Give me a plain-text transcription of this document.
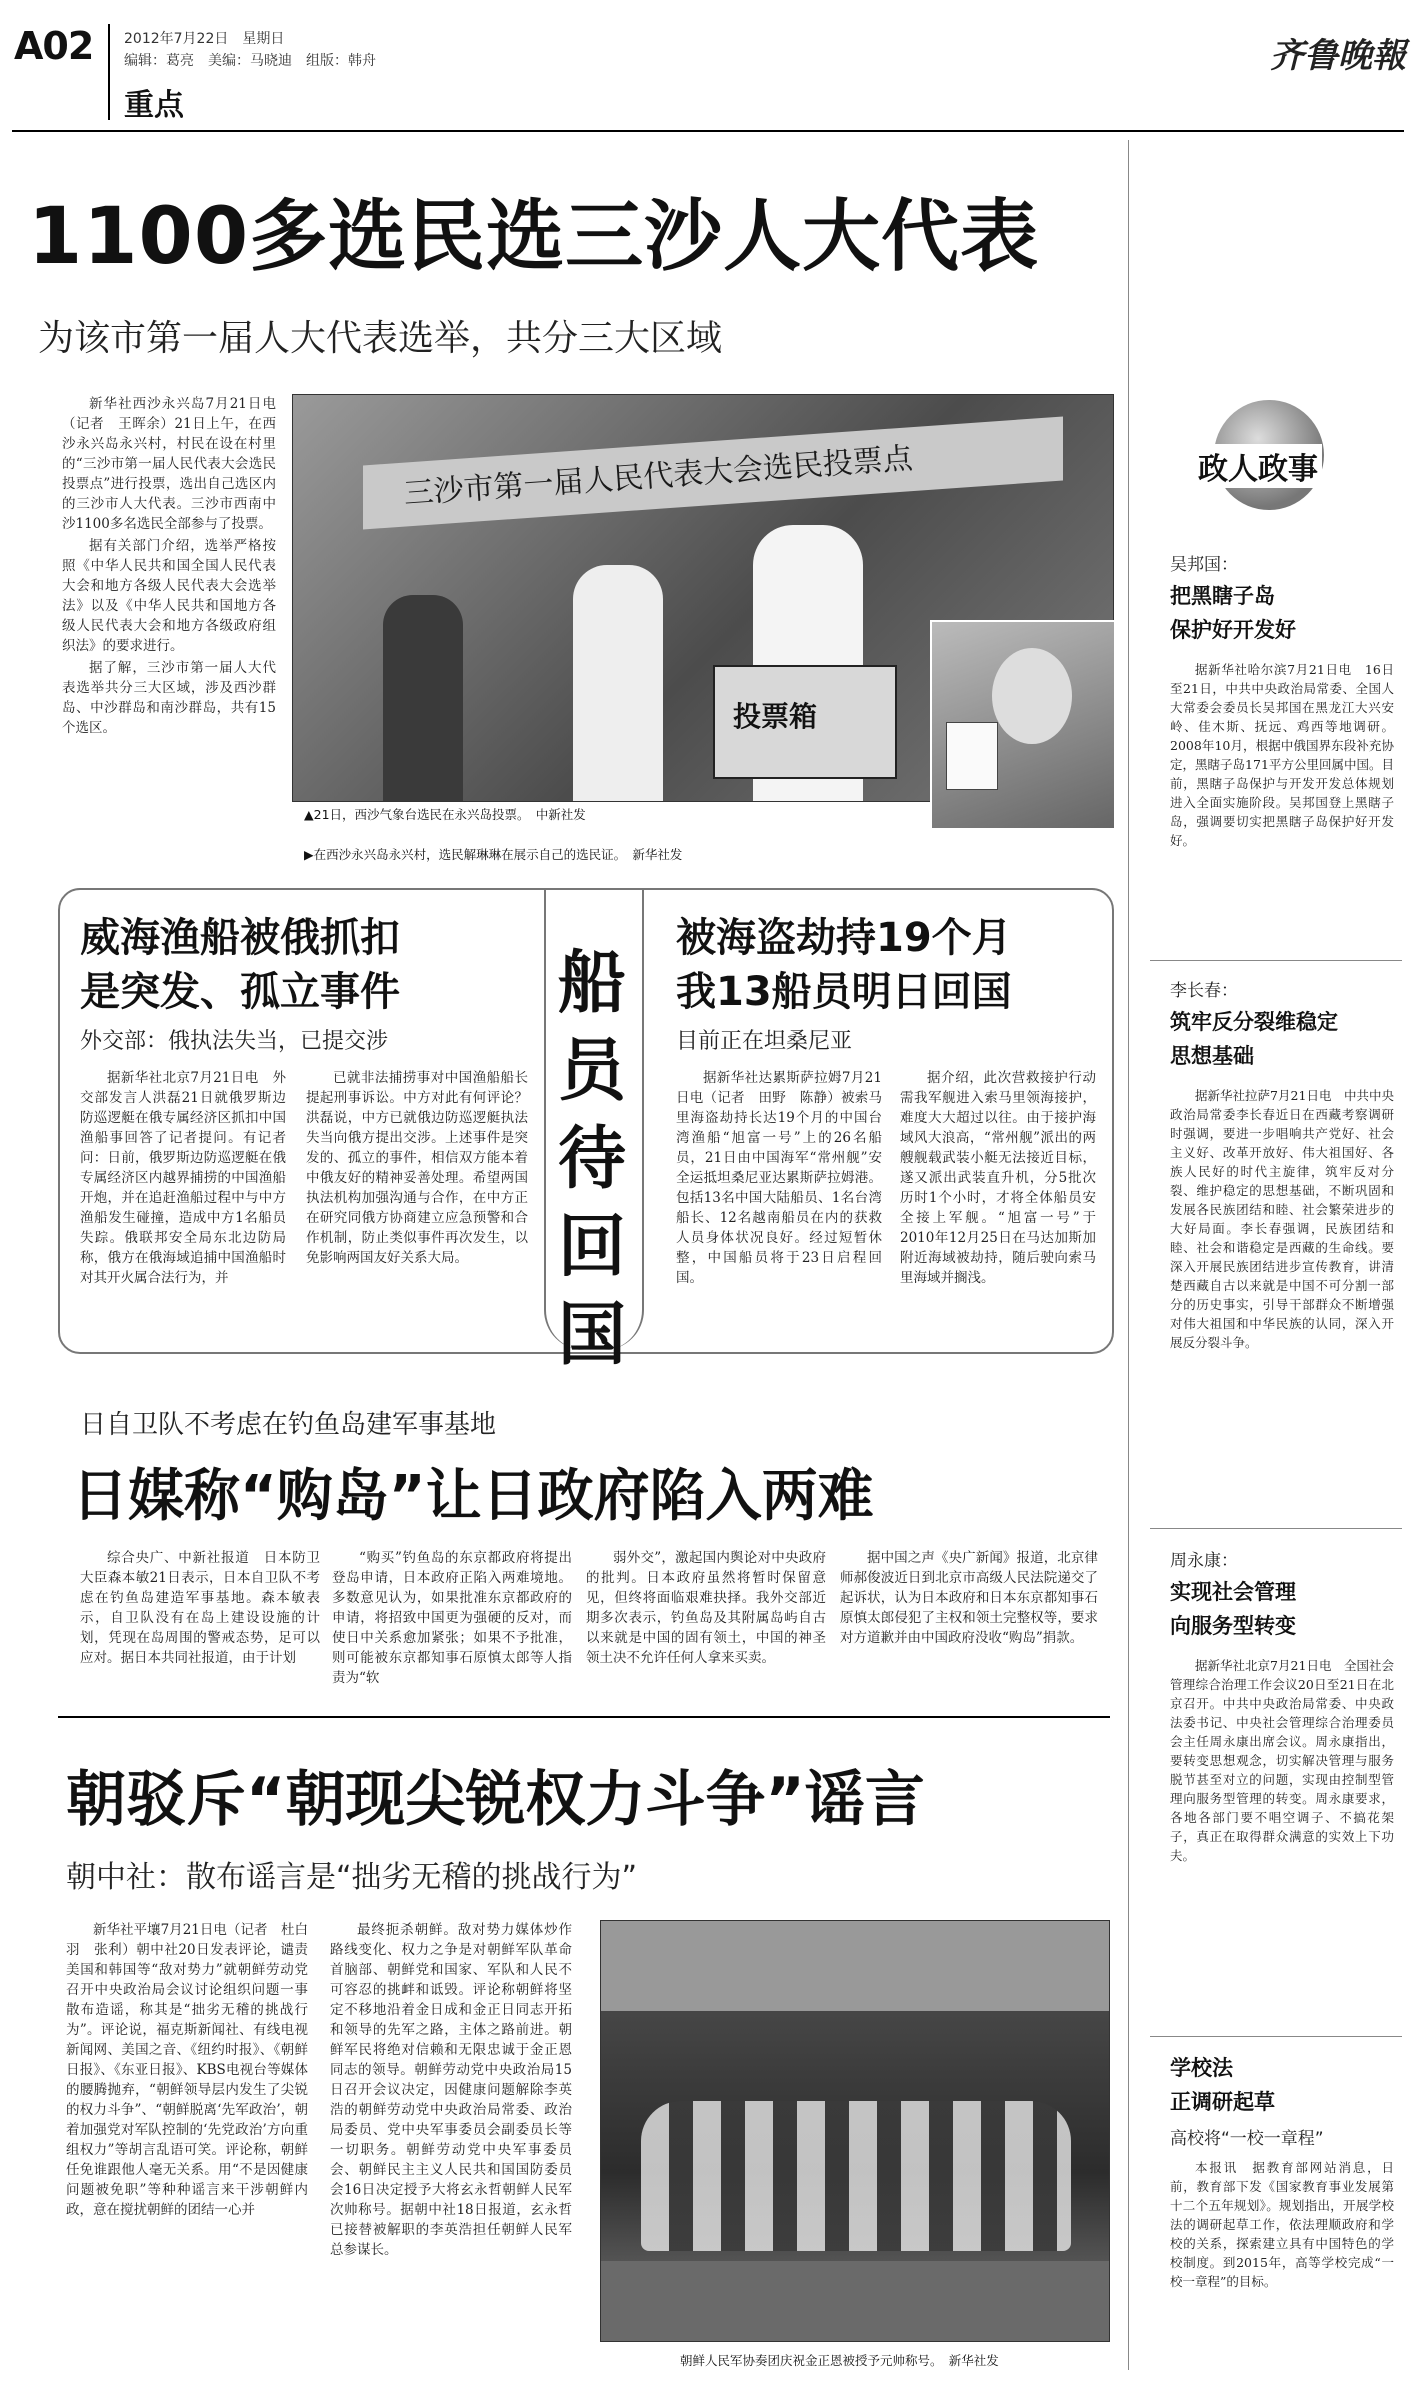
A02 2012年7月22日　星期日
编辑：葛亮　美编：马晓迪　组版：韩舟
重点
齐鲁晚報
1100多选民选三沙人大代表
为该市第一届人大代表选举，共分三大区域

新华社西沙永兴岛7月21日电（记者　王晖余）21日上午，在西沙永兴岛永兴村，村民在设在村里的“三沙市第一届人民代表大会选民投票点”进行投票，选出自己选区内的三沙市人大代表。三沙市西南中沙1100多名选民全部参与了投票。

据有关部门介绍，选举严格按照《中华人民共和国全国人民代表大会和地方各级人民代表大会选举法》以及《中华人民共和国地方各级人民代表大会和地方各级政府组织法》的要求进行。

据了解，三沙市第一届人大代表选举共分三大区域，涉及西沙群岛、中沙群岛和南沙群岛，共有15个选区。

三沙市第一届人民代表大会选民投票点
投票箱
▲21日，西沙气象台选民在永兴岛投票。　中新社发
▶在西沙永兴岛永兴村，选民解琳琳在展示自己的选民证。　新华社发
船员待回国
威海渔船被俄抓扣
是突发、孤立事件
外交部：俄执法失当，已提交涉
据新华社北京7月21日电　外交部发言人洪磊21日就俄罗斯边防巡逻艇在俄专属经济区抓扣中国渔船事回答了记者提问。有记者问：日前，俄罗斯边防巡逻艇在俄专属经济区内越界捕捞的中国渔船开炮，并在追赶渔船过程中与中方渔船发生碰撞，造成中方1名船员失踪。俄联邦安全局东北边防局称，俄方在俄海域追捕中国渔船时对其开火属合法行为，并
已就非法捕捞事对中国渔船船长提起刑事诉讼。中方对此有何评论？洪磊说，中方已就俄边防巡逻艇执法失当向俄方提出交涉。上述事件是突发的、孤立的事件，相信双方能本着中俄友好的精神妥善处理。希望两国执法机构加强沟通与合作，在中方正在研究同俄方协商建立应急预警和合作机制，防止类似事件再次发生，以免影响两国友好关系大局。
被海盗劫持19个月
我13船员明日回国
目前正在坦桑尼亚
据新华社达累斯萨拉姆7月21日电（记者　田野　陈静）被索马里海盗劫持长达19个月的中国台湾渔船“旭富一号”上的26名船员，21日由中国海军“常州舰”安全运抵坦桑尼亚达累斯萨拉姆港。包括13名中国大陆船员、1名台湾船长、12名越南船员在内的获救人员身体状况良好。经过短暂休整，中国船员将于23日启程回国。
据介绍，此次营救接护行动需我军舰进入索马里领海接护，难度大大超过以往。由于接护海域风大浪高，“常州舰”派出的两艘舰载武装小艇无法接近目标，遂又派出武装直升机，分5批次历时1个小时，才将全体船员安全接上军舰。“旭富一号”于2010年12月25日在马达加斯加附近海域被劫持，随后驶向索马里海域并搁浅。
日自卫队不考虑在钓鱼岛建军事基地
日媒称“购岛”让日政府陷入两难
综合央广、中新社报道　日本防卫大臣森本敏21日表示，日本自卫队不考虑在钓鱼岛建造军事基地。森本敏表示，自卫队没有在岛上建设设施的计划，凭现在岛周围的警戒态势，足可以应对。据日本共同社报道，由于计划
“购买”钓鱼岛的东京都政府将提出登岛申请，日本政府正陷入两难境地。多数意见认为，如果批准东京都政府的申请，将招致中国更为强硬的反对，而使日中关系愈加紧张；如果不予批准，则可能被东京都知事石原慎太郎等人指责为“软
弱外交”，激起国内舆论对中央政府的批判。日本政府虽然将暂时保留意见，但终将面临艰难抉择。我外交部近期多次表示，钓鱼岛及其附属岛屿自古以来就是中国的固有领土，中国的神圣领土决不允许任何人拿来买卖。
据中国之声《央广新闻》报道，北京律师郝俊波近日到北京市高级人民法院递交了起诉状，认为日本政府和日本东京都知事石原慎太郎侵犯了主权和领土完整权等，要求对方道歉并由中国政府没收“购岛”捐款。
朝驳斥“朝现尖锐权力斗争”谣言
朝中社：散布谣言是“拙劣无稽的挑战行为”
新华社平壤7月21日电（记者　杜白羽　张利）朝中社20日发表评论，谴责美国和韩国等“敌对势力”就朝鲜劳动党召开中央政治局会议讨论组织问题一事散布造谣，称其是“拙劣无稽的挑战行为”。评论说，福克斯新闻社、有线电视新闻网、美国之音、《纽约时报》、《朝鲜日报》、《东亚日报》、KBS电视台等媒体的腰腾抛弃，“朝鲜领导层内发生了尖锐的权力斗争”、“朝鲜脱离‘先军政治’，朝着加强党对军队控制的‘先党政治’方向重组权力”等胡言乱语可笑。评论称，朝鲜任免谁跟他人毫无关系。用“不是因健康问题被免职”等种种谣言来干涉朝鲜内政，意在搅扰朝鲜的团结一心并
最终扼杀朝鲜。敌对势力媒体炒作路线变化、权力之争是对朝鲜军队革命首脑部、朝鲜党和国家、军队和人民不可容忍的挑衅和诋毁。评论称朝鲜将坚定不移地沿着金日成和金正日同志开拓和领导的先军之路，主体之路前进。朝鲜军民将绝对信赖和无限忠诚于金正恩同志的领导。朝鲜劳动党中央政治局15日召开会议决定，因健康问题解除李英浩的朝鲜劳动党中央政治局常委、政治局委员、党中央军事委员会副委员长等一切职务。朝鲜劳动党中央军事委员会、朝鲜民主主义人民共和国国防委员会16日决定授予大将玄永哲朝鲜人民军次帅称号。据朝中社18日报道，玄永哲已接替被解职的李英浩担任朝鲜人民军总参谋长。
朝鲜人民军协奏团庆祝金正恩被授予元帅称号。　新华社发
政人政事
吴邦国：
把黑瞎子岛
保护好开发好
据新华社哈尔滨7月21日电　16日至21日，中共中央政治局常委、全国人大常委会委员长吴邦国在黑龙江大兴安岭、佳木斯、抚远、鸡西等地调研。2008年10月，根据中俄国界东段补充协定，黑瞎子岛171平方公里回属中国。目前，黑瞎子岛保护与开发开发总体规划进入全面实施阶段。吴邦国登上黑瞎子岛，强调要切实把黑瞎子岛保护好开发好。
李长春：
筑牢反分裂维稳定
思想基础
据新华社拉萨7月21日电　中共中央政治局常委李长春近日在西藏考察调研时强调，要进一步唱响共产党好、社会主义好、改革开放好、伟大祖国好、各族人民好的时代主旋律，筑牢反对分裂、维护稳定的思想基础，不断巩固和发展各民族团结和睦、社会繁荣进步的大好局面。李长春强调，民族团结和睦、社会和谐稳定是西藏的生命线。要深入开展民族团结进步宣传教育，讲清楚西藏自古以来就是中国不可分割一部分的历史事实，引导干部群众不断增强对伟大祖国和中华民族的认同，深入开展反分裂斗争。
周永康：
实现社会管理
向服务型转变
据新华社北京7月21日电　全国社会管理综合治理工作会议20日至21日在北京召开。中共中央政治局常委、中央政法委书记、中央社会管理综合治理委员会主任周永康出席会议。周永康指出，要转变思想观念，切实解决管理与服务脱节甚至对立的问题，实现由控制型管理向服务型管理的转变。周永康要求，各地各部门要不唱空调子、不搞花架子，真正在取得群众满意的实效上下功夫。
学校法
正调研起草
高校将“一校一章程”
本报讯　据教育部网站消息，日前，教育部下发《国家教育事业发展第十二个五年规划》。规划指出，开展学校法的调研起草工作，依法理顺政府和学校的关系，探索建立具有中国特色的学校制度。到2015年，高等学校完成“一校一章程”的目标。
